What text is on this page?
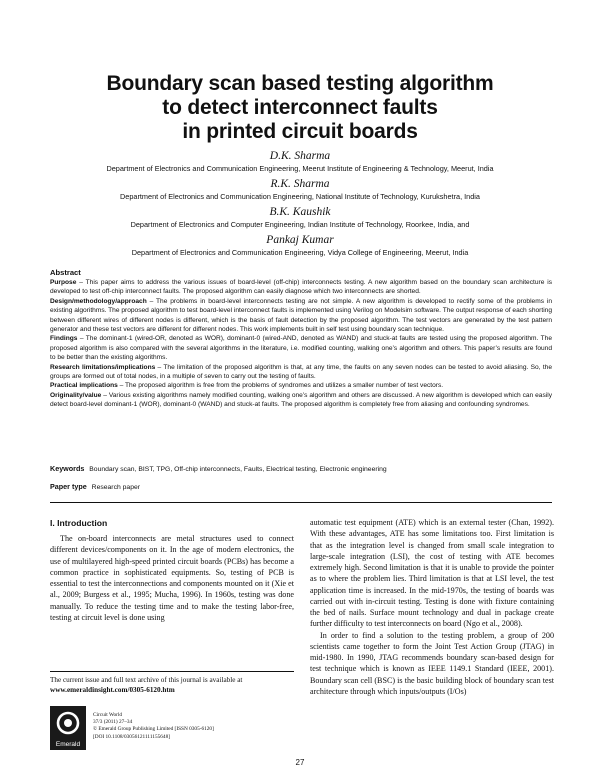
Boundary scan based testing algorithm
to detect interconnect faults
in printed circuit boards
D.K. Sharma
Department of Electronics and Communication Engineering, Meerut Institute of Engineering & Technology, Meerut, India
R.K. Sharma
Department of Electronics and Communication Engineering, National Institute of Technology, Kurukshetra, India
B.K. Kaushik
Department of Electronics and Computer Engineering, Indian Institute of Technology, Roorkee, India, and
Pankaj Kumar
Department of Electronics and Communication Engineering, Vidya College of Engineering, Meerut, India
Abstract

Purpose – This paper aims to address the various issues of board-level (off-chip) interconnects testing. A new algorithm based on the boundary scan architecture is developed to test off-chip interconnect faults. The proposed algorithm can easily diagnose which two interconnects are shorted.

Design/methodology/approach – The problems in board-level interconnects testing are not simple. A new algorithm is developed to rectify some of the problems in existing algorithms. The proposed algorithm to test board-level interconnect faults is implemented using Verilog on Modelsim software. The output response of each shorting between different wires of different nodes is different, which is the basis of fault detection by the proposed algorithm. The test vectors are generated by the test pattern generator and these test vectors are different for different nodes. This work implements built in self test using boundary scan technique.

Findings – The dominant-1 (wired-OR, denoted as WOR), dominant-0 (wired-AND, denoted as WAND) and stuck-at faults are tested using the proposed algorithm. The proposed algorithm is also compared with the several algorithms in the literature, i.e. modified counting, walking one’s algorithm and others. This paper’s results are found to be better than the existing algorithms.

Research limitations/implications – The limitation of the proposed algorithm is that, at any time, the faults on any seven nodes can be tested to avoid aliasing. So, the groups are formed out of total nodes, in a multiple of seven to carry out the testing of faults.

Practical implications – The proposed algorithm is free from the problems of syndromes and utilizes a smaller number of test vectors.

Originality/value – Various existing algorithms namely modified counting, walking one’s algorithm and others are discussed. A new algorithm is developed which can easily detect board-level dominant-1 (WOR), dominant-0 (WAND) and stuck-at faults. The proposed algorithm is completely free from aliasing and confounding syndromes.

Keywords Boundary scan, BIST, TPG, Off-chip interconnects, Faults, Electrical testing, Electronic engineering
Paper type Research paper
I. Introduction

The on-board interconnects are metal structures used to connect different devices/components on it. In the age of modern electronics, the use of multilayered high-speed printed circuit boards (PCBs) has become a common practice in sophisticated equipments. So, testing of PCB is essential to test the interconnections and components mounted on it (Xie et al., 2009; Burgess et al., 1995; Mucha, 1996). In 1960s, testing was done manually. To reduce the testing time and to make the testing labor-free, testing at circuit level is done using

automatic test equipment (ATE) which is an external tester (Chan, 1992). With these advantages, ATE has some limitations too. First limitation is that as the integration level is changed from small scale integration to large-scale integration (LSI), the cost of testing with ATE becomes extremely high. Second limitation is that it is unable to provide the pointer as to where the problem lies. Third limitation is that at LSI level, the test application time is increased. In the mid-1970s, the testing of boards was carried out with in-circuit testing. Testing is done with fixture containing the bed of nails. Surface mount technology and dual in package create further difficulty to test interconnects on board (Ngo et al., 2008).

In order to find a solution to the testing problem, a group of 200 scientists came together to form the Joint Test Action Group (JTAG) in mid-1980. In 1990, JTAG recommends boundary scan-based design for test technique which is known as IEEE 1149.1 Standard (IEEE, 2001). Boundary scan cell (BSC) is the basic building block of boundary scan test architecture through which inputs/outputs (I/Os)

The current issue and full text archive of this journal is available at
www.emeraldinsight.com/0305-6120.htm
Emerald
Circuit World
37/3 (2011) 27–34
© Emerald Group Publishing Limited [ISSN 0305-6120]
[DOI 10.1108/03056121111155648]
27
